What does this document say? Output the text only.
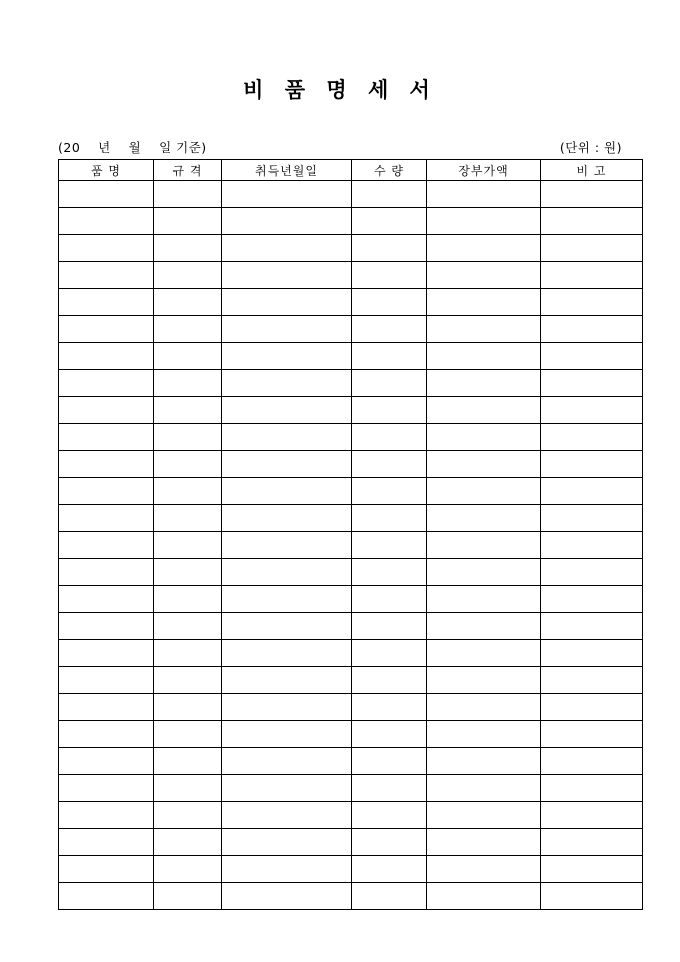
비 품 명 세 서
(20    년    월    일 기준)	(단위 : 원)
품 명	규 격	취득년월일	수 량	장부가액	비 고
